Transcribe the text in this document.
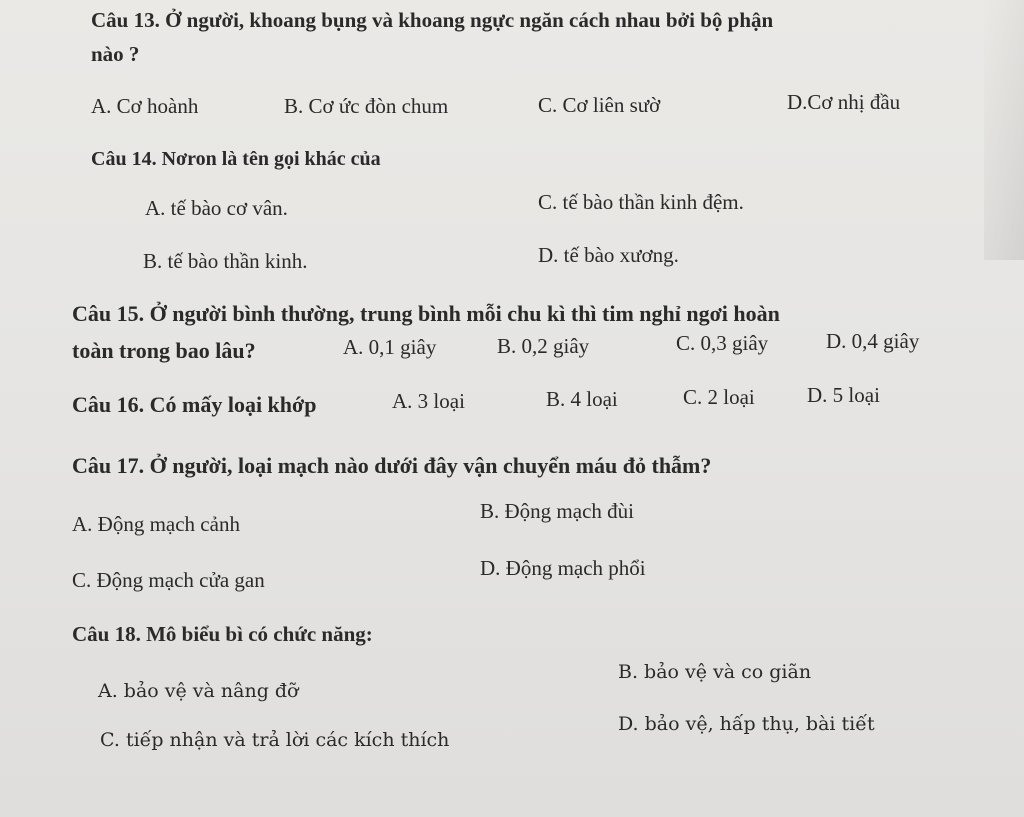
Câu 13. Ở người, khoang bụng và khoang ngực ngăn cách nhau bởi bộ phận
nào ?
A. Cơ hoành	B. Cơ ức đòn chum	C. Cơ liên sườ	D.Cơ nhị đầu
Câu 14. Nơron là tên gọi khác của
A. tế bào cơ vân.	C. tế bào thần kinh đệm.
B. tế bào thần kinh.	D. tế bào xương.
Câu 15. Ở người bình thường, trung bình mỗi chu kì thì tim nghỉ ngơi hoàn
toàn trong bao lâu?	A. 0,1 giây	B. 0,2 giây	C. 0,3 giây	D. 0,4 giây
Câu 16. Có mấy loại khớp	A. 3 loại	B. 4 loại	C. 2 loại D. 5 loại
Câu 17. Ở người, loại mạch nào dưới đây vận chuyển máu đỏ thẫm?
A. Động mạch cảnh
B. Động mạch đùi
C. Động mạch cửa gan	D. Động mạch phổi
Câu 18. Mô biểu bì có chức năng:
A. bảo vệ và nâng đỡ
B. bảo vệ và co giãn
C. tiếp nhận và trả lời các kích thích
D. bảo vệ, hấp thụ, bài tiết
